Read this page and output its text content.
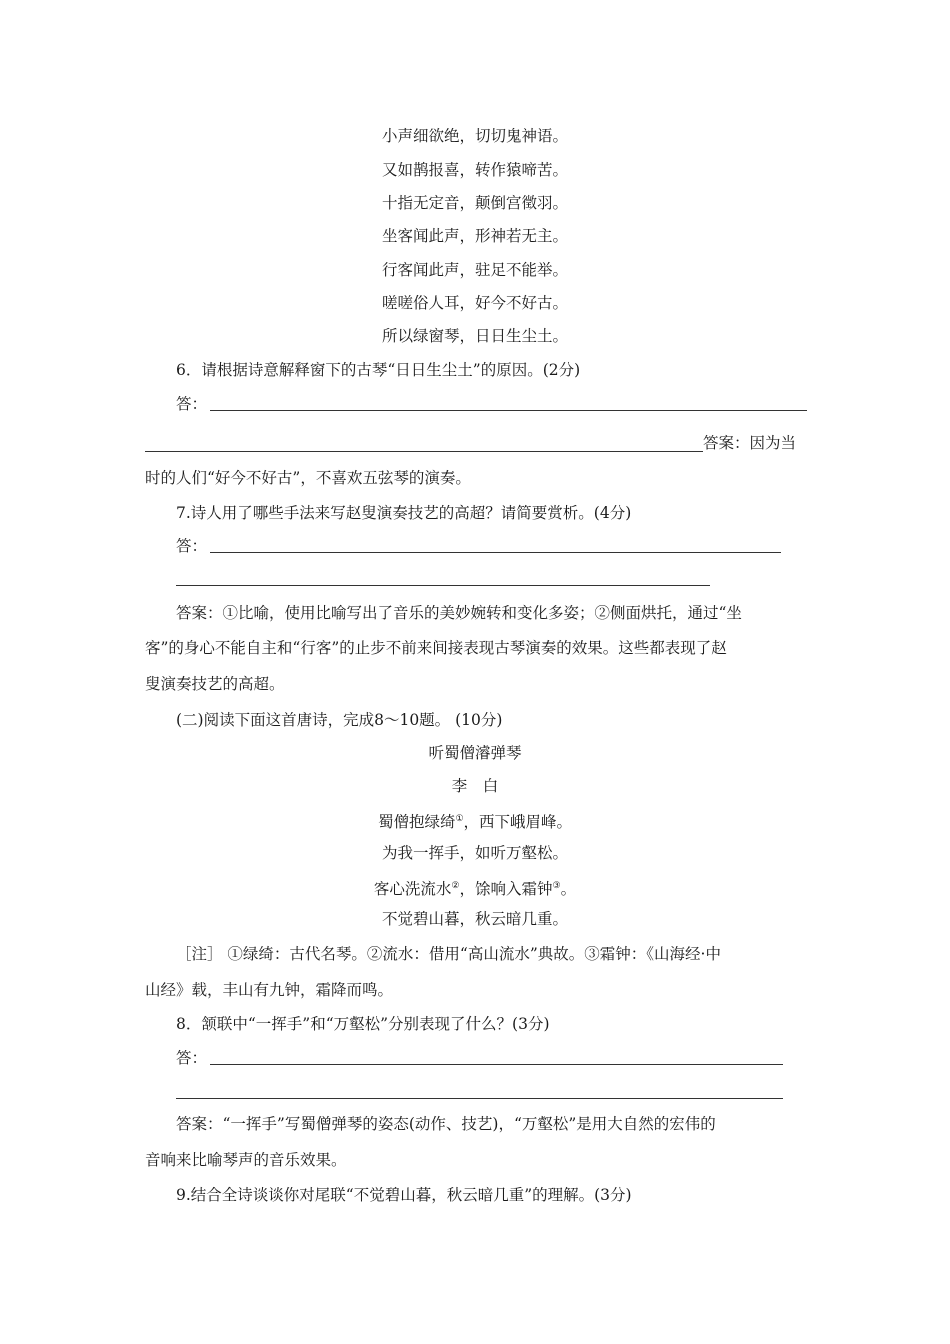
小声细欲绝，切切鬼神语。
又如鹊报喜，转作猿啼苦。
十指无定音，颠倒宫徵羽。
坐客闻此声，形神若无主。
行客闻此声，驻足不能举。
嗟嗟俗人耳，好今不好古。
所以绿窗琴，日日生尘土。
6．请根据诗意解释窗下的古琴“日日生尘土”的原因。(2分)
答：
答案：因为当
时的人们“好今不好古”，不喜欢五弦琴的演奏。
7.诗人用了哪些手法来写赵叟演奏技艺的高超？请简要赏析。(4分)
答：
答案：①比喻，使用比喻写出了音乐的美妙婉转和变化多姿；②侧面烘托，通过“坐
客”的身心不能自主和“行客”的止步不前来间接表现古琴演奏的效果。这些都表现了赵
叟演奏技艺的高超。
(二)阅读下面这首唐诗，完成8～10题。 (10分)
听蜀僧濬弹琴
李　白
蜀僧抱绿绮①，西下峨眉峰。
为我一挥手，如听万壑松。
客心洗流水②，馀响入霜钟③。
不觉碧山暮，秋云暗几重。
［注］ ①绿绮：古代名琴。②流水：借用“高山流水”典故。③霜钟：《山海经·中
山经》载，丰山有九钟，霜降而鸣。
8．颔联中“一挥手”和“万壑松”分别表现了什么？(3分)
答：
答案：“一挥手”写蜀僧弹琴的姿态(动作、技艺)，“万壑松”是用大自然的宏伟的
音响来比喻琴声的音乐效果。
9.结合全诗谈谈你对尾联“不觉碧山暮，秋云暗几重”的理解。(3分)
